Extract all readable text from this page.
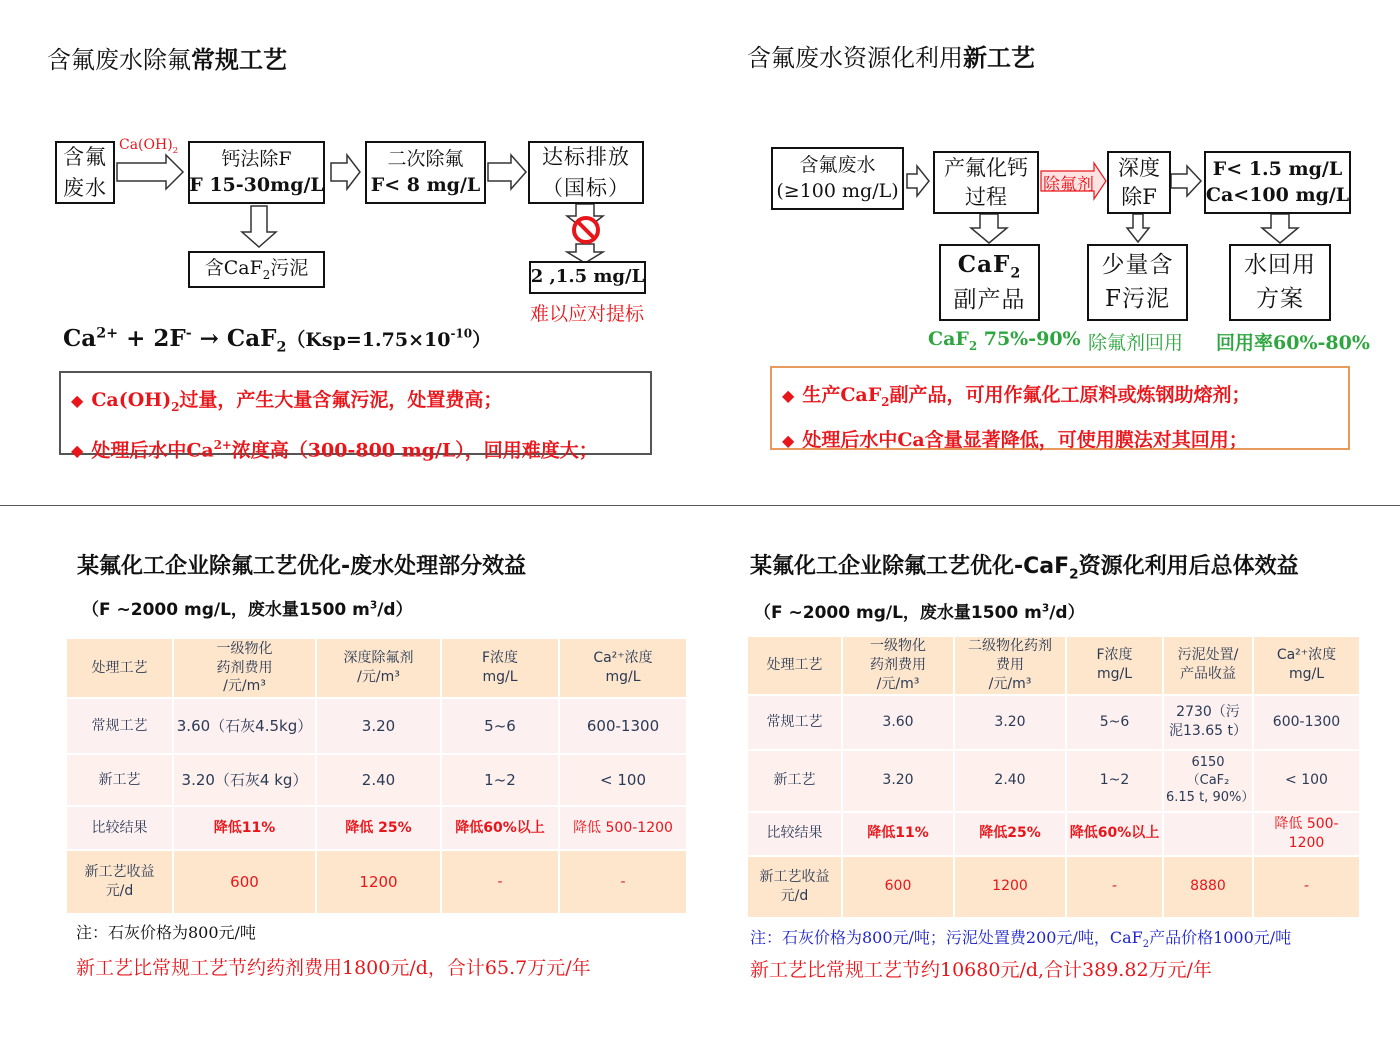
含氟废水除氟常规工艺
$Ca(OH)_2$
含氟
废水
钙法除F
F 15-30mg/L
二次除氟
F< 8 mg/L
达标排放
（国标）
含CaF$_2$污泥	2 ,1.5 mg/L
难以应对提标
$Ca^{2+} + 2F^- \to CaF_2(Ksp=1.75\times 10^{-10})$
◆ $Ca(OH)_2$过量，产生大量含氟污泥，处置费高；
◆ 处理后水中$Ca^{2+}$浓度高（300-800 mg/L），回用难度大；
含氟废水资源化利用新工艺
含氟废水
(≥100 mg/L)
产氟化钙
过程 除氟剂
深度
除F
F< 1.5 mg/L
Ca<100 mg/L
CaF$_2$
副产品
少量含
F污泥
水回用
方案
CaF$_2$ 75%-90% 除氟剂回用 回用率60%-80%
◆ 生产CaF$_2$副产品，可用作氟化工原料或炼钢助熔剂；
◆ 处理后水中Ca含量显著降低，可使用膜法对其回用；
某氟化工企业除氟工艺优化-废水处理部分效益
（F ~2000 mg/L，废水量1500 $m^3/d$）
处理工艺	一级物化
药剂费用
/元/m³	深度除氟剂
/元/m³	F浓度
mg/L	Ca²⁺浓度
mg/L
常规工艺	3.60（石灰4.5kg）	3.20	5~6	600-1300
新工艺	3.20（石灰4 kg）	2.40	1~2	< 100
比较结果	降低11%	降低 25%	降低60%以上	降低 500-1200
新工艺收益
元/d	600	1200	-	-
注：石灰价格为800元/吨
新工艺比常规工艺节约药剂费用1800元/d，合计65.7万元/年
某氟化工企业除氟工艺优化-CaF$_2$资源化利用后总体效益
（F ~2000 mg/L，废水量1500 $m^3/d$）
处理工艺	一级物化
药剂费用
/元/m³	二级物化药剂
费用
/元/m³	F浓度
mg/L	污泥处置/
产品收益	Ca²⁺浓度
mg/L
常规工艺	3.60	3.20	5~6	2730（污
泥13.65 t）	600-1300
新工艺	3.20	2.40	1~2	6150
（CaF₂
6.15 t, 90%）	< 100
比较结果	降低11%	降低25%	降低60%以上		降低 500-
1200
新工艺收益
元/d	600	1200	-	8880	-
注：石灰价格为800元/吨；污泥处置费200元/吨，CaF$_2$产品价格1000元/吨
新工艺比常规工艺节约10680元/d,合计389.82万元/年
